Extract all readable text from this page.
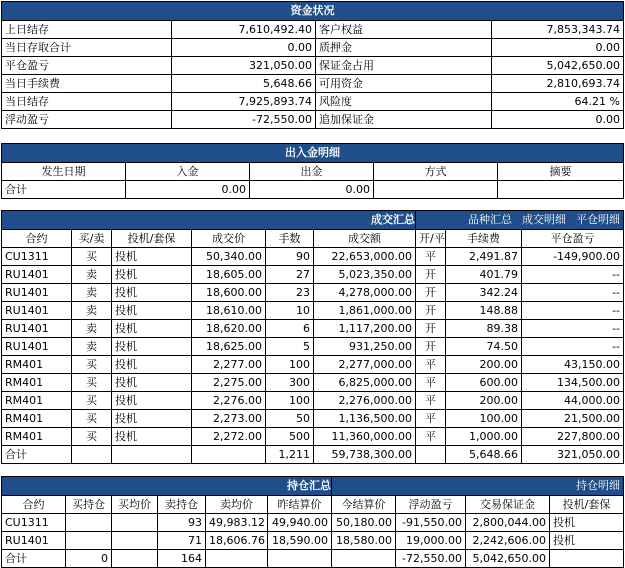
资金状况			
上日结存	7,610,492.40	客户权益	7,853,343.74
当日存取合计	0.00	质押金	0.00
平仓盈亏	321,050.00	保证金占用	5,042,650.00
当日手续费	5,648.66	可用资金	2,810,693.74
当日结存	7,925,893.74	风险度	64.21 %
浮动盈亏	-72,550.00	追加保证金	0.00
出入金明细				
发生日期	入金	出金	方式	摘要
合计	0.00	0.00		
成交汇总						品种汇总 成交明细 平仓明细		
合约	买/卖	投机/套保	成交价	手数	成交额	开/平	手续费	平仓盈亏
CU1311	买	投机	50,340.00	90	22,653,000.00	平	2,491.87	-149,900.00
RU1401	卖	投机	18,605.00	27	5,023,350.00	开	401.79	--
RU1401	卖	投机	18,600.00	23	4,278,000.00	开	342.24	--
RU1401	卖	投机	18,610.00	10	1,861,000.00	开	148.88	--
RU1401	卖	投机	18,620.00	6	1,117,200.00	开	89.38	--
RU1401	卖	投机	18,625.00	5	931,250.00	开	74.50	--
RM401	买	投机	2,277.00	100	2,277,000.00	平	200.00	43,150.00
RM401	买	投机	2,275.00	300	6,825,000.00	平	600.00	134,500.00
RM401	买	投机	2,276.00	100	2,276,000.00	平	200.00	44,000.00
RM401	买	投机	2,273.00	50	1,136,500.00	平	100.00	21,500.00
RM401	买	投机	2,272.00	500	11,360,000.00	平	1,000.00	227,800.00
合计				1,211	59,738,300.00		5,648.66	321,050.00
持仓汇总						持仓明细			
合约	买持仓	买均价	卖持仓	卖均价	昨结算价	今结算价	浮动盈亏	交易保证金	投机/套保
CU1311			93	49,983.12	49,940.00	50,180.00	-91,550.00	2,800,044.00	投机
RU1401			71	18,606.76	18,590.00	18,580.00	19,000.00	2,242,606.00	投机
合计	0		164				-72,550.00	5,042,650.00	
